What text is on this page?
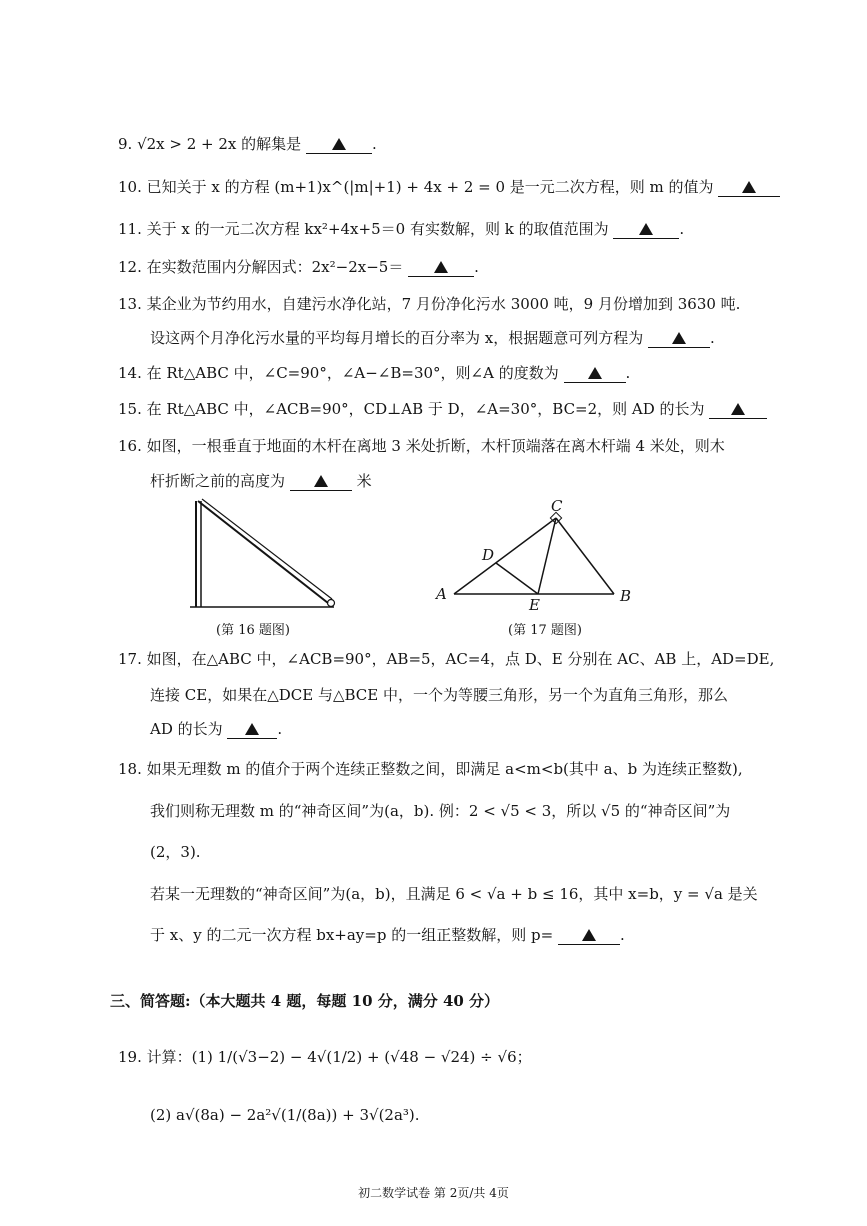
9. √2x > 2 + 2x 的解集是	.
10. 已知关于 x 的方程 (m+1)x^(|m|+1) + 4x + 2 = 0 是一元二次方程，则 m 的值为
11. 关于 x 的一元二次方程 kx²+4x+5＝0 有实数解，则 k 的取值范围为	.
12. 在实数范围内分解因式：2x²−2x−5＝	.
13. 某企业为节约用水，自建污水净化站，7 月份净化污水 3000 吨，9 月份增加到 3630 吨.
设这两个月净化污水量的平均每月增长的百分率为 x，根据题意可列方程为	.
14. 在 Rt△ABC 中，∠C=90°，∠A−∠B=30°，则∠A 的度数为	.
15. 在 Rt△ABC 中，∠ACB=90°，CD⊥AB 于 D，∠A=30°，BC=2，则 AD 的长为
16. 如图，一根垂直于地面的木杆在离地 3 米处折断，木杆顶端落在离木杆端 4 米处，则木
杆折断之前的高度为	米
(第 16 题图)
A	B
C
D
E
(第 17 题图)
17. 如图，在△ABC 中，∠ACB=90°，AB=5，AC=4，点 D、E 分别在 AC、AB 上，AD=DE,
连接 CE，如果在△DCE 与△BCE 中，一个为等腰三角形，另一个为直角三角形，那么
AD 的长为	.
18. 如果无理数 m 的值介于两个连续正整数之间，即满足 a<m<b(其中 a、b 为连续正整数),
我们则称无理数 m 的“神奇区间”为(a，b). 例：2 < √5 < 3，所以 √5 的“神奇区间”为
(2，3).
若某一无理数的“神奇区间”为(a，b)，且满足 6 < √a + b ≤ 16，其中 x=b，y = √a 是关
于 x、y 的二元一次方程 bx+ay=p 的一组正整数解，则 p=	.
三、简答题:（本大题共 4 题，每题 10 分，满分 40 分）
19. 计算：(1) 1/(√3−2) − 4√(1/2) + (√48 − √24) ÷ √6；
(2) a√(8a) − 2a²√(1/(8a)) + 3√(2a³).
初二数学试卷 第 2页/共 4页
